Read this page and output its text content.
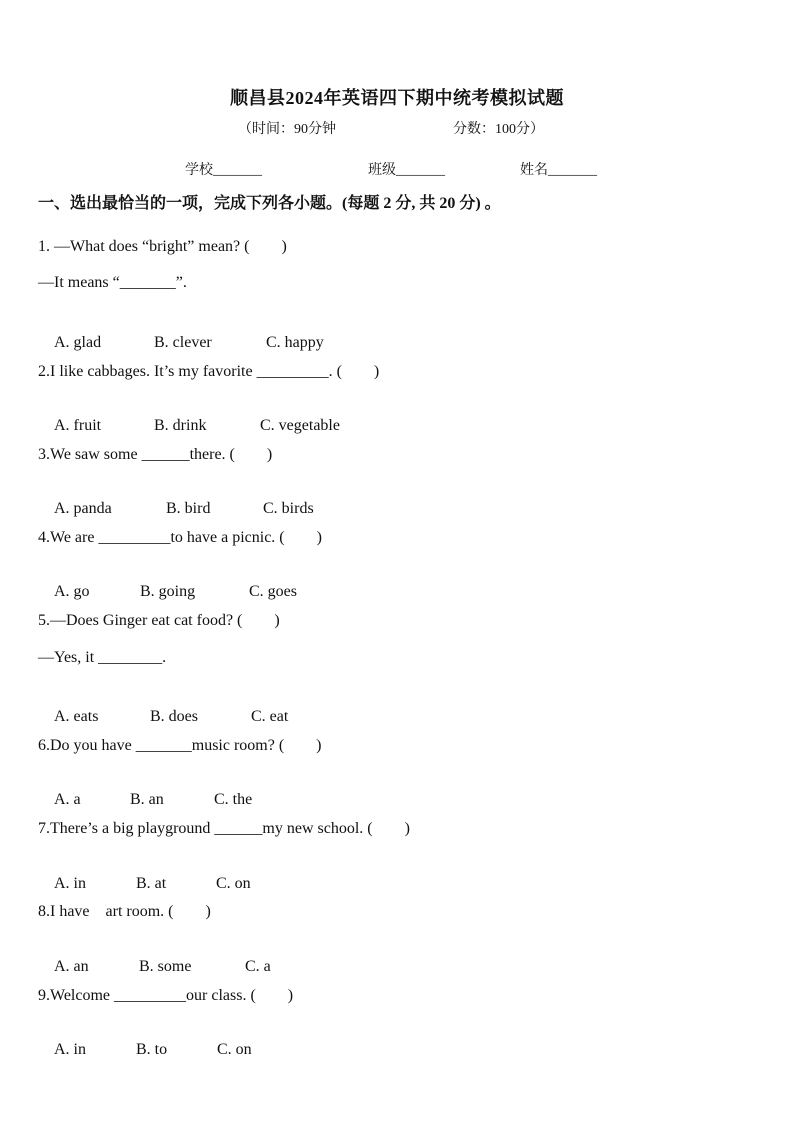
顺昌县2024年英语四下期中统考模拟试题
（时间：90分钟	分数：100分）
学校_______	班级_______	姓名_______
一、选出最恰当的一项，完成下列各小题。(每题 2 分, 共 20 分) 。
1. —What does “bright” mean? (　　)
—It means “_______”.

A. glad	B. clever	C. happy

2.I like cabbages. It’s my favorite _________. (　　)

A. fruit	B. drink	C. vegetable

3.We saw some ______there. (　　)

A. panda	B. bird	C. birds

4.We are _________to have a picnic. (　　)

A. go	B. going	C. goes

5.—Does Ginger eat cat food? (　　)
—Yes, it ________.

A. eats	B. does	C. eat

6.Do you have _______music room? (　　)

A. a	B. an	C. the

7.There’s a big playground ______my new school. (　　)

A. in	B. at	C. on

8.I have　art room. (　　)

A. an	B. some	C. a

9.Welcome _________our class. (　　)

A. in	B. to	C. on
